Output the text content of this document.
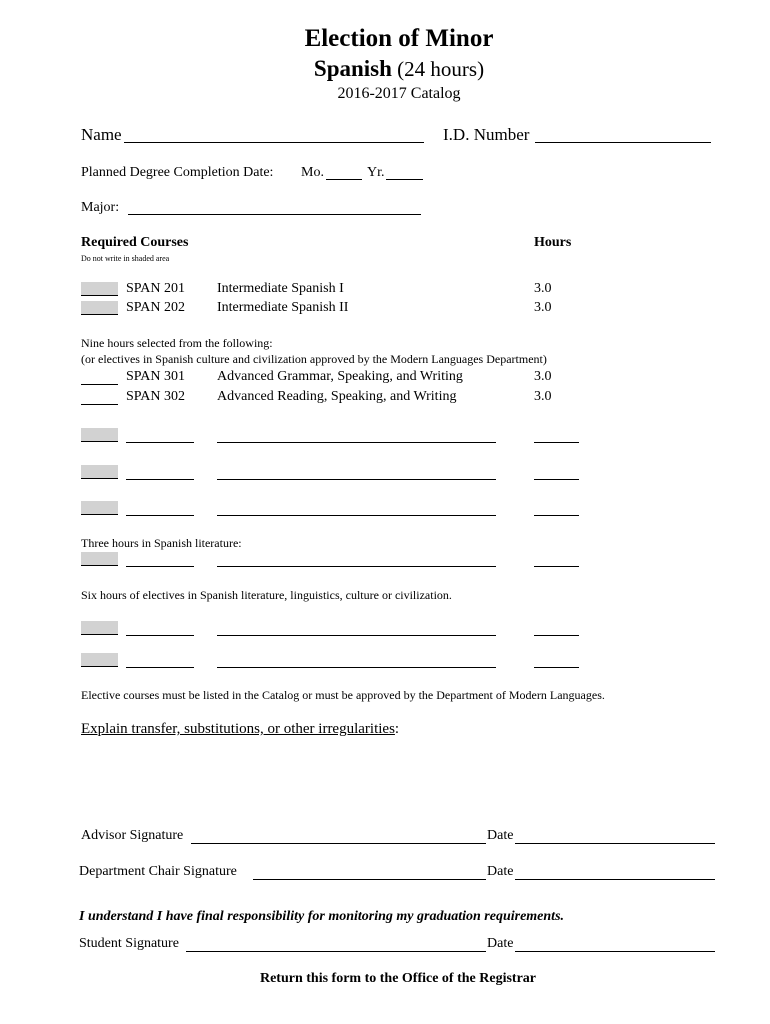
Election of Minor
Spanish (24 hours)
2016-2017 Catalog
Name	I.D. Number
Planned Degree Completion Date: Mo.	Yr.
Major:
Required Courses	Hours
Do not write in shaded area
SPAN 201 Intermediate Spanish I	3.0
SPAN 202 Intermediate Spanish II	3.0
Nine hours selected from the following:
(or electives in Spanish culture and civilization approved by the Modern Languages Department)
SPAN 301 Advanced Grammar, Speaking, and Writing	3.0
SPAN 302 Advanced Reading, Speaking, and Writing	3.0
Three hours in Spanish literature:
Six hours of electives in Spanish literature, linguistics, culture or civilization.
Elective courses must be listed in the Catalog or must be approved by the Department of Modern Languages.
Explain transfer, substitutions, or other irregularities:
Advisor Signature	Date
Department Chair Signature	Date
I understand I have final responsibility for monitoring my graduation requirements.
Student Signature	Date
Return this form to the Office of the Registrar
